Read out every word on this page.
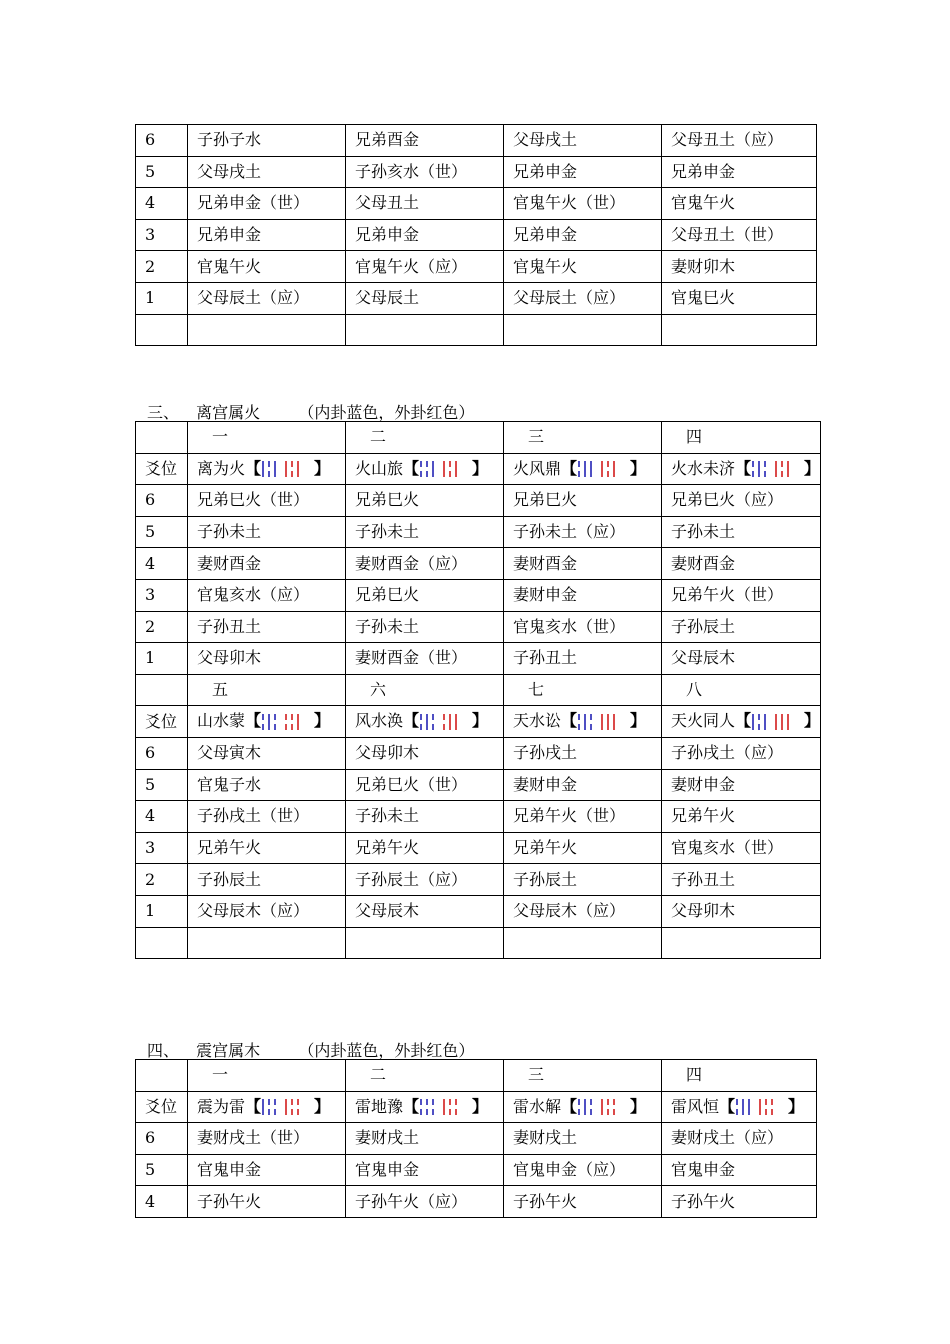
6	子孙子水	兄弟酉金	父母戌土	父母丑土（应）
5	父母戌土	子孙亥水（世）	兄弟申金	兄弟申金
4	兄弟申金（世）	父母丑土	官鬼午火（世）	官鬼午火
3	兄弟申金	兄弟申金	兄弟申金	父母丑土（世）
2	官鬼午火	官鬼午火（应）	官鬼午火	妻财卯木
1	父母辰土（应）	父母辰土	父母辰土（应）	官鬼巳火

三、 离宫属火 （内卦蓝色，外卦红色）
	一	二	三	四
爻位	离为火【 】	火山旅【 】	火风鼎【 】	火水未济【 】
6	兄弟巳火（世）	兄弟巳火	兄弟巳火	兄弟巳火（应）
5	子孙未土	子孙未土	子孙未土（应）	子孙未土
4	妻财酉金	妻财酉金（应）	妻财酉金	妻财酉金
3	官鬼亥水（应）	兄弟巳火	妻财申金	兄弟午火（世）
2	子孙丑土	子孙未土	官鬼亥水（世）	子孙辰土
1	父母卯木	妻财酉金（世）	子孙丑土	父母辰木
	五	六	七	八
爻位	山水蒙【 】	风水涣【 】	天水讼【 】	天火同人【 】
6	父母寅木	父母卯木	子孙戌土	子孙戌土（应）
5	官鬼子水	兄弟巳火（世）	妻财申金	妻财申金
4	子孙戌土（世）	子孙未土	兄弟午火（世）	兄弟午火
3	兄弟午火	兄弟午火	兄弟午火	官鬼亥水（世）
2	子孙辰土	子孙辰土（应）	子孙辰土	子孙丑土
1	父母辰木（应）	父母辰木	父母辰木（应）	父母卯木

四、 震宫属木 （内卦蓝色，外卦红色）
	一	二	三	四
爻位	震为雷【 】	雷地豫【 】	雷水解【 】	雷风恒【 】
6	妻财戌土（世）	妻财戌土	妻财戌土	妻财戌土（应）
5	官鬼申金	官鬼申金	官鬼申金（应）	官鬼申金
4	子孙午火	子孙午火（应）	子孙午火	子孙午火
